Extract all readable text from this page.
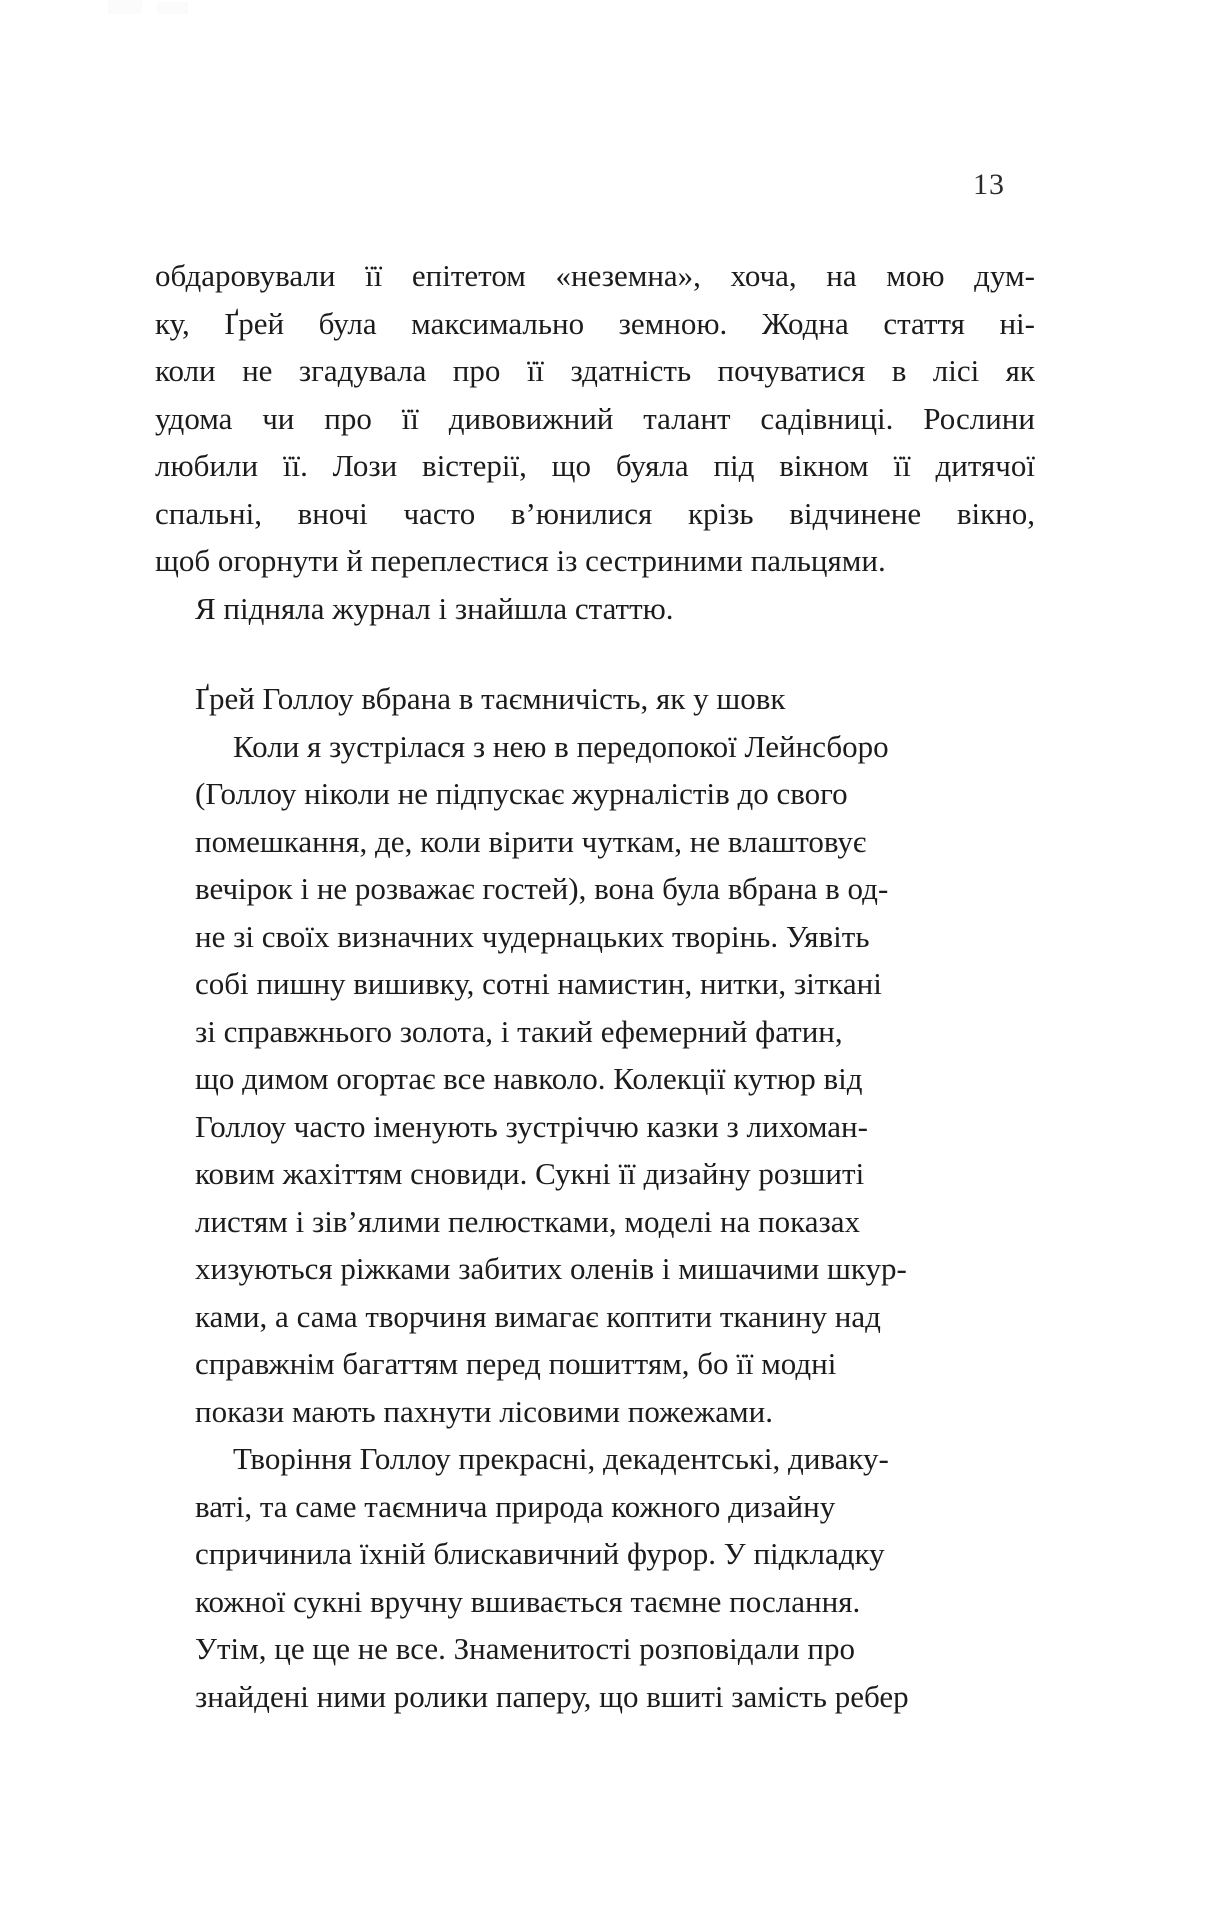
13
обдаровували її епітетом «неземна», хоча, на мою дум-
ку, Ґрей була максимально земною. Жодна стаття ні-
коли не згадувала про її здатність почуватися в лісі як
удома чи про її дивовижний талант садівниці. Рослини
любили її. Лози вістерії, що буяла під вікном її дитячої
спальні, вночі часто в’юнилися крізь відчинене вікно,
щоб огорнути й переплестися із сестриними пальцями.
Я підняла журнал і знайшла статтю.
Ґрей Голлоу вбрана в таємничість, як у шовк
Коли я зустрілася з нею в передопокої Лейнсборо
(Голлоу ніколи не підпускає журналістів до свого
помешкання, де, коли вірити чуткам, не влаштовує
вечірок і не розважає гостей), вона була вбрана в од-
не зі своїх визначних чудернацьких творінь. Уявіть
собі пишну вишивку, сотні намистин, нитки, зіткані
зі справжнього золота, і такий ефемерний фатин,
що димом огортає все навколо. Колекції кутюр від
Голлоу часто іменують зустріччю казки з лихоман-
ковим жахіттям сновиди. Сукні її дизайну розшиті
листям і зів’ялими пелюстками, моделі на показах
хизуються ріжками забитих оленів і мишачими шкур-
ками, а сама творчиня вимагає коптити тканину над
справжнім багаттям перед пошиттям, бо її модні
покази мають пахнути лісовими пожежами.
Творіння Голлоу прекрасні, декадентські, диваку-
ваті, та саме таємнича природа кожного дизайну
спричинила їхній блискавичний фурор. У підкладку
кожної сукні вручну вшивається таємне послання.
Утім, це ще не все. Знаменитості розповідали про
знайдені ними ролики паперу, що вшиті замість ребер
